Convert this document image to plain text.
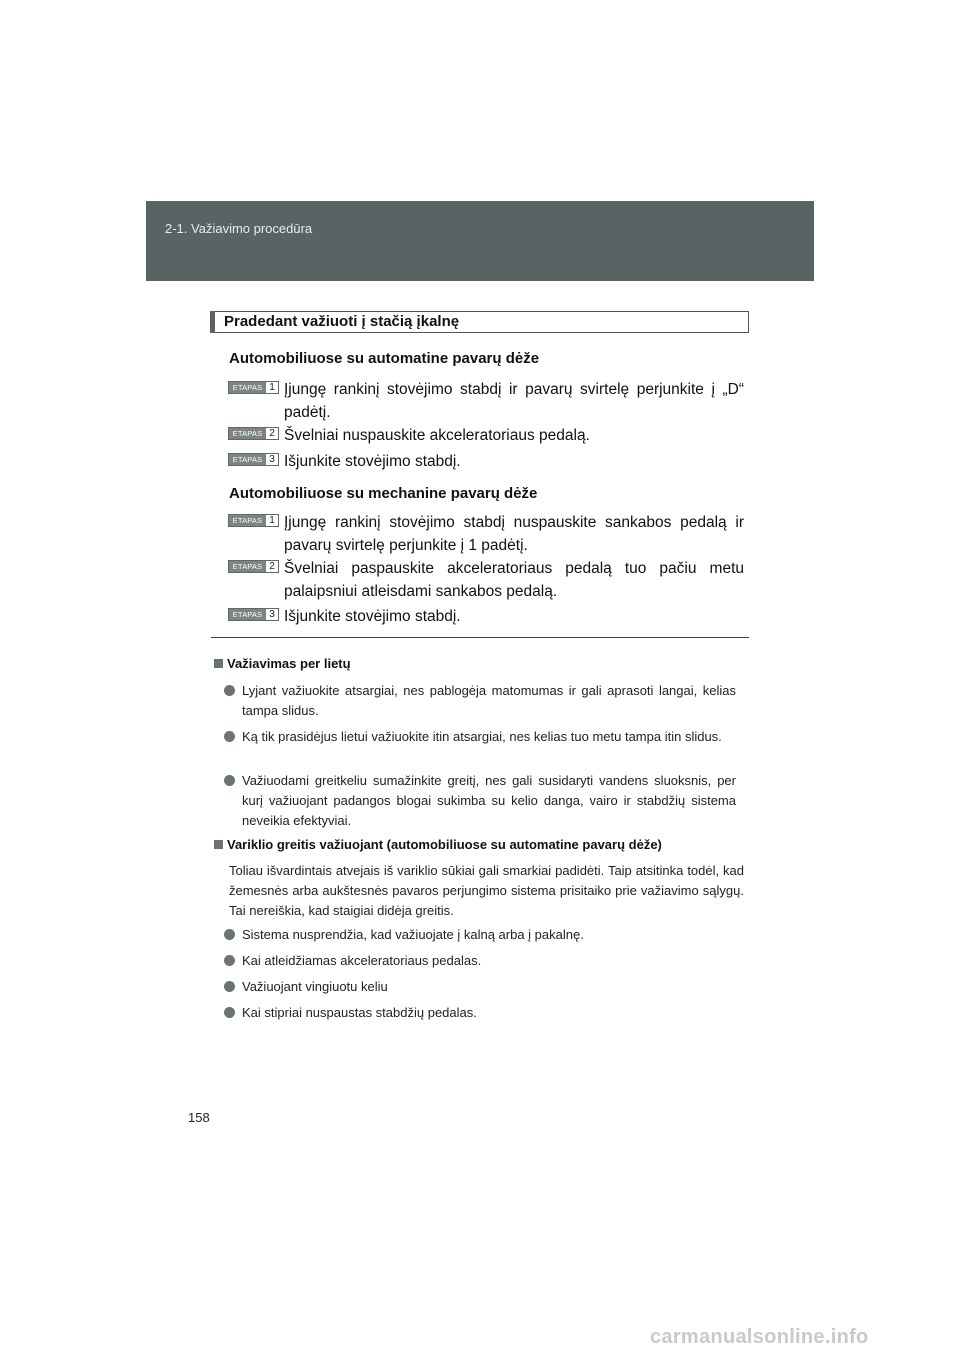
2-1. Važiavimo procedūra
Pradedant važiuoti į stačią įkalnę
Automobiliuose su automatine pavarų dėže
ETAPAS 1 Įjungę rankinį stovėjimo stabdį ir pavarų svirtelę perjunkite į „D“ padėtį.
ETAPAS 2 Švelniai nuspauskite akceleratoriaus pedalą.
ETAPAS 3 Išjunkite stovėjimo stabdį.
Automobiliuose su mechanine pavarų dėže
ETAPAS 1 Įjungę rankinį stovėjimo stabdį nuspauskite sankabos pedalą ir pavarų svirtelę perjunkite į 1 padėtį.
ETAPAS 2 Švelniai paspauskite akceleratoriaus pedalą tuo pačiu metu palaipsniui atleisdami sankabos pedalą.
ETAPAS 3 Išjunkite stovėjimo stabdį.
Važiavimas per lietų
Lyjant važiuokite atsargiai, nes pablogėja matomumas ir gali aprasoti langai, kelias tampa slidus.
Ką tik prasidėjus lietui važiuokite itin atsargiai, nes kelias tuo metu tampa itin slidus.
Važiuodami greitkeliu sumažinkite greitį, nes gali susidaryti vandens sluoksnis, per kurį važiuojant padangos blogai sukimba su kelio danga, vairo ir stabdžių sistema neveikia efektyviai.
Variklio greitis važiuojant (automobiliuose su automatine pavarų dėže)
Toliau išvardintais atvejais iš variklio sūkiai gali smarkiai padidėti. Taip atsitinka todėl, kad žemesnės arba aukštesnės pavaros perjungimo sistema prisitaiko prie važiavimo sąlygų. Tai nereiškia, kad staigiai didėja greitis.
Sistema nusprendžia, kad važiuojate į kalną arba į pakalnę.
Kai atleidžiamas akceleratoriaus pedalas.
Važiuojant vingiuotu keliu
Kai stipriai nuspaustas stabdžių pedalas.
158
carmanualsonline.info
